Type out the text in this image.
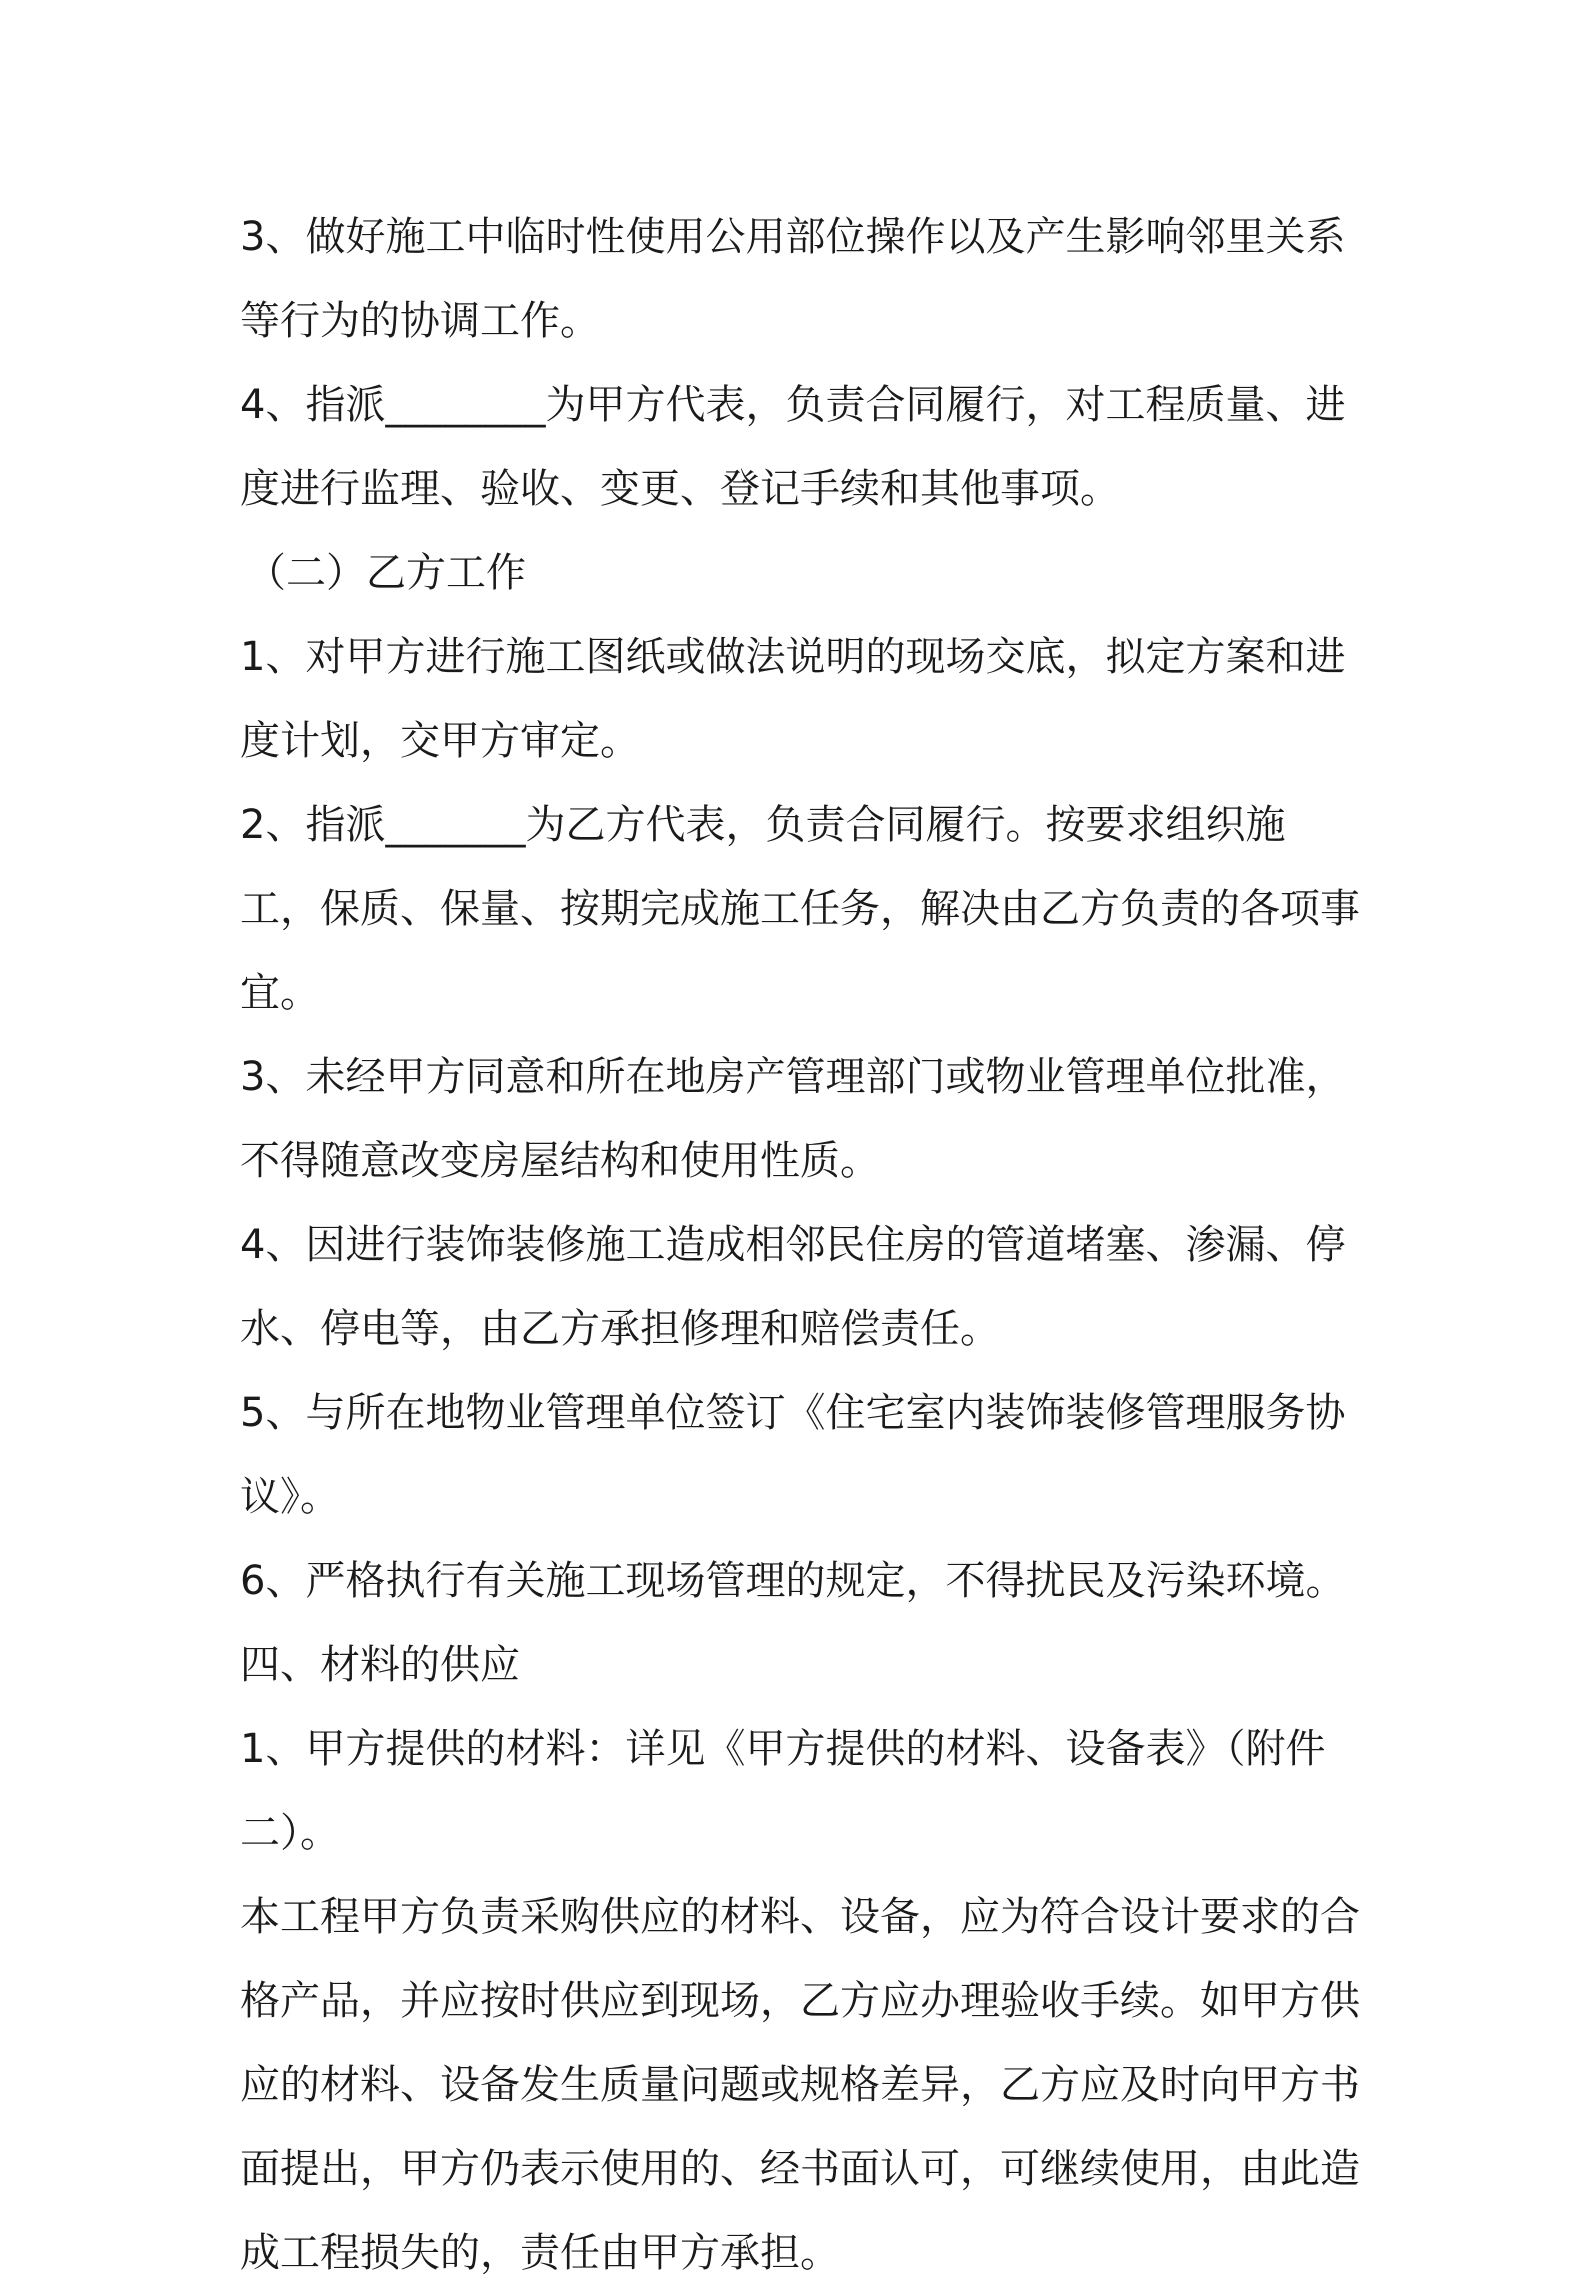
3、做好施工中临时性使用公用部位操作以及产生影响邻里关系等行为的协调工作。

4、指派________为甲方代表，负责合同履行，对工程质量、进度进行监理、验收、变更、登记手续和其他事项。

（二）乙方工作

1、对甲方进行施工图纸或做法说明的现场交底，拟定方案和进度计划，交甲方审定。

2、指派_______为乙方代表，负责合同履行。按要求组织施工，保质、保量、按期完成施工任务，解决由乙方负责的各项事宜。

3、未经甲方同意和所在地房产管理部门或物业管理单位批准，不得随意改变房屋结构和使用性质。

4、因进行装饰装修施工造成相邻民住房的管道堵塞、渗漏、停水、停电等，由乙方承担修理和赔偿责任。

5、与所在地物业管理单位签订《住宅室内装饰装修管理服务协议》。

6、严格执行有关施工现场管理的规定，不得扰民及污染环境。

四、材料的供应

1、甲方提供的材料：详见《甲方提供的材料、设备表》（附件二）。

本工程甲方负责采购供应的材料、设备，应为符合设计要求的合格产品，并应按时供应到现场，乙方应办理验收手续。如甲方供应的材料、设备发生质量问题或规格差异，乙方应及时向甲方书面提出，甲方仍表示使用的、经书面认可，可继续使用，由此造成工程损失的，责任由甲方承担。
